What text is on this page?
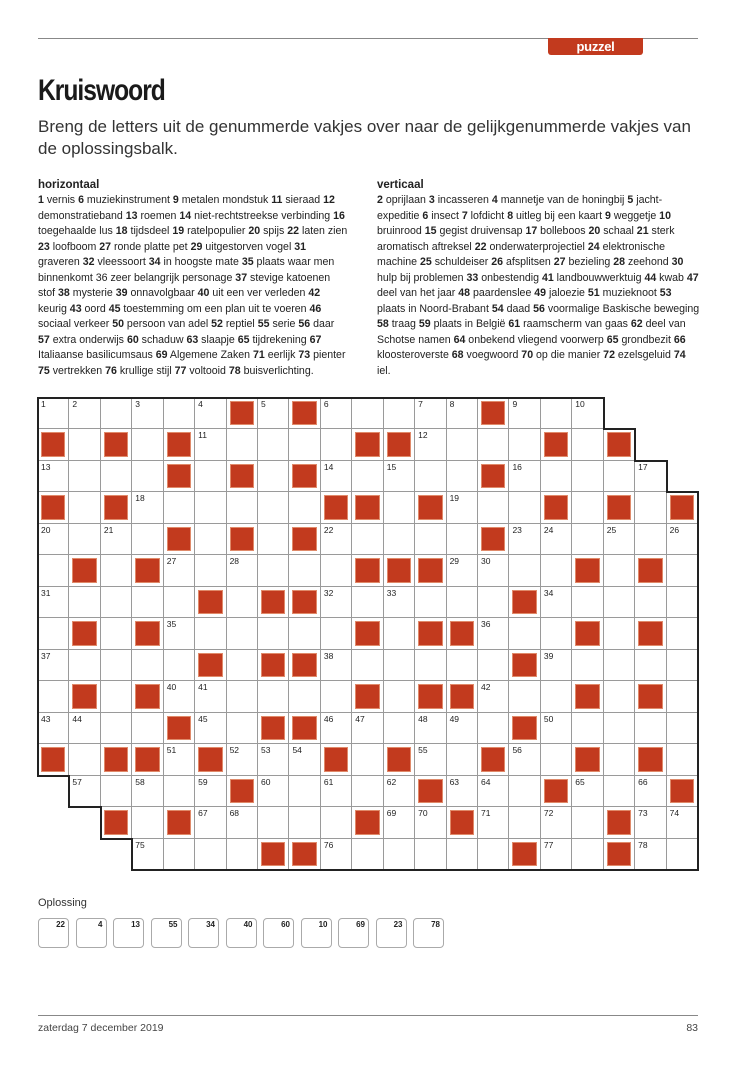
puzzel
Kruiswoord
Breng de letters uit de genummerde vakjes over naar de gelijkgenummerde vakjes van de oplossingsbalk.
horizontaal
1 vernis 6 muziekinstrument 9 metalen mondstuk 11 sieraad 12 demonstratieband 13 roemen 14 niet-rechtstreekse verbinding 16 toegehaalde lus 18 tijdsdeel 19 ratelpopulier 20 spijs 22 laten zien 23 loofboom 27 ronde platte pet 29 uitgestorven vogel 31 graveren 32 vleessoort 34 in hoogste mate 35 plaats waar men binnenkomt 36 zeer belangrijk personage 37 stevige katoenen stof 38 mysterie 39 onnavolgbaar 40 uit een ver verleden 42 keurig 43 oord 45 toestemming om een plan uit te voeren 46 sociaal verkeer 50 persoon van adel 52 reptiel 55 serie 56 daar 57 extra onderwijs 60 schaduw 63 slaapje 65 tijdrekening 67 Italiaanse basilicumsaus 69 Algemene Zaken 71 eerlijk 73 pienter 75 vertrekken 76 krullige stijl 77 voltooid 78 buisverlichting.
verticaal
2 oprijlaan 3 incasseren 4 mannetje van de honingbij 5 jacht-expeditie 6 insect 7 lofdicht 8 uitleg bij een kaart 9 weggetje 10 bruinrood 15 gegist druivensap 17 bolleboos 20 schaal 21 sterk aromatisch aftreksel 22 onderwaterprojectiel 24 elektronische machine 25 schuldeiser 26 afsplitsen 27 bezieling 28 zeehond 30 hulp bij problemen 33 onbestendig 41 landbouwwerktuig 44 kwab 47 deel van het jaar 48 paardenslee 49 jaloezie 51 muzieknoot 53 plaats in Noord-Brabant 54 daad 56 voormalige Baskische beweging 58 traag 59 plaats in België 61 raamscherm van gaas 62 deel van Schotse namen 64 onbekend vliegend voorwerp 65 grondbezit 66 kloosteroverste 68 voegwoord 70 op die manier 72 ezelsgeluid 74 iel.
1	2	3	4	5	6	7	8	9	10
11	12
13	14	15	16	17
18	19
20	21	22	23	24	25	26
27	28	29	30
31	32	33	34
35	36
37	38	39
40	41	42
43	44	45	46	47	48	49	50
51	52	53	54	55	56
57	58	59	60	61	62	63	64	65	66
67	68	69	70	71	72	73	74
75	76	77	78
Oplossing
22	4	13	55	34	40	60	10	69	23	78
zaterdag 7 december 2019	83
